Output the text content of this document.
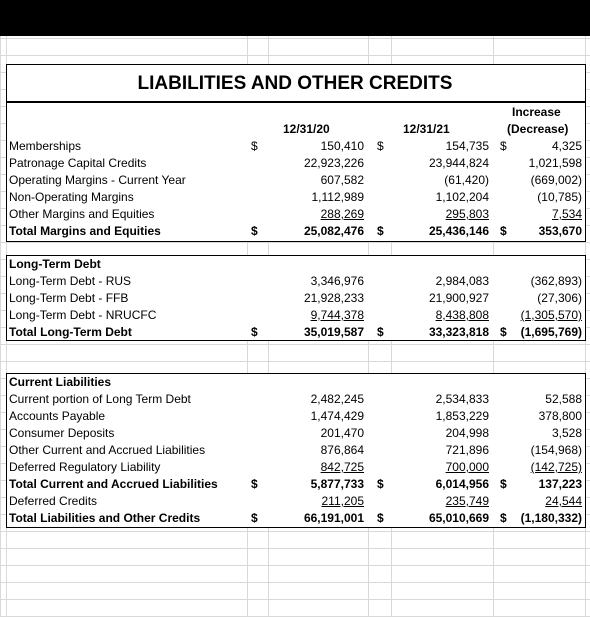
LIABILITIES AND OTHER CREDITS
Increase
12/31/20	12/31/21	(Decrease)
Memberships	150,410	154,735	4,325
$	$	$
Patronage Capital Credits	22,923,226	23,944,824	1,021,598
Operating Margins - Current Year	607,582	(61,420)	(669,002)
Non-Operating Margins	1,112,989	1,102,204	(10,785)
Other Margins and Equities	288,269	295,803	7,534
Total Margins and Equities	25,082,476	25,436,146	353,670
$	$	$
Long-Term Debt
Long-Term Debt - RUS	3,346,976	2,984,083	(362,893)
Long-Term Debt - FFB	21,928,233	21,900,927	(27,306)
Long-Term Debt - NRUCFC	9,744,378	8,438,808	(1,305,570)
Total Long-Term Debt	35,019,587	33,323,818	(1,695,769)
$	$	$
Current Liabilities
Current portion of Long Term Debt	2,482,245	2,534,833	52,588
Accounts Payable	1,474,429	1,853,229	378,800
Consumer Deposits	201,470	204,998	3,528
Other Current and Accrued Liabilities	876,864	721,896	(154,968)
Deferred Regulatory Liability	842,725	700,000	(142,725)
Total Current and Accrued Liabilities	5,877,733	6,014,956	137,223
$	$	$
Deferred Credits	211,205	235,749	24,544
Total Liabilities and Other Credits	66,191,001	65,010,669	(1,180,332)
$	$	$
